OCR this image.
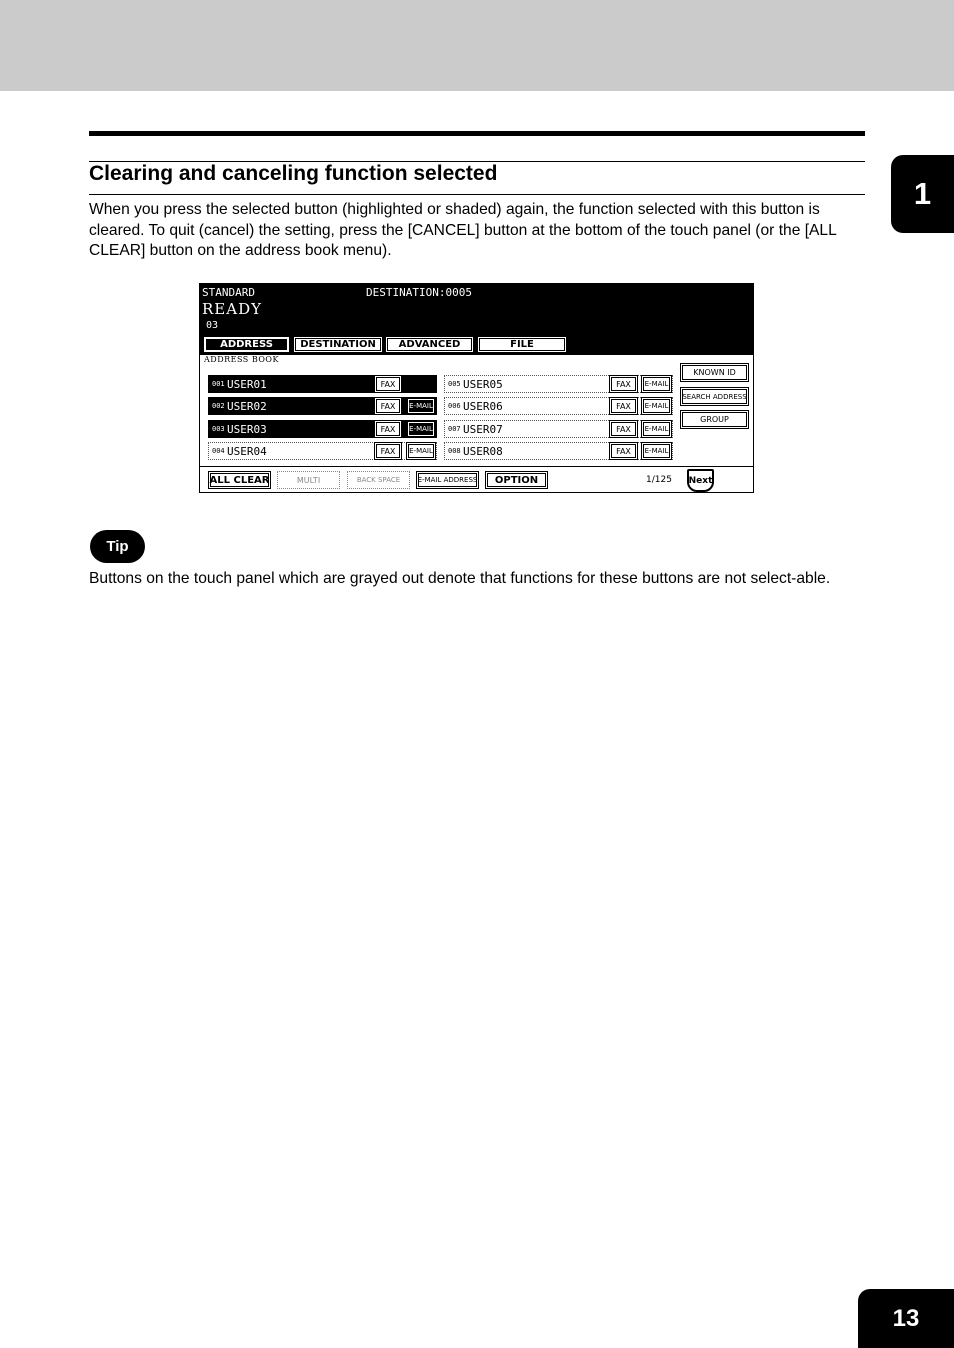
Clearing and canceling function selected
When you press the selected button (highlighted or shaded) again, the function selected with this button is cleared. To quit (cancel) the setting, press the [CANCEL] button at the bottom of the touch panel (or the [ALL CLEAR] button on the address book menu).
1
STANDARD	DESTINATION:0005
READY
03
ADDRESS	DESTINATION	ADVANCED	FILE
ADDRESS BOOK
001 USER01	FAX
002 USER02	FAX	E-MAIL
003 USER03	FAX	E-MAIL
004 USER04	FAX	E-MAIL
005 USER05	FAX	E-MAIL
006 USER06	FAX	E-MAIL
007 USER07	FAX	E-MAIL
008 USER08	FAX	E-MAIL
KNOWN ID
SEARCH ADDRESS
GROUP
ALL CLEAR	MULTI	BACK SPACE	E-MAIL ADDRESS	OPTION	1/125 Next
Tip
Buttons on the touch panel which are grayed out denote that functions for these buttons are not select-able.
13
